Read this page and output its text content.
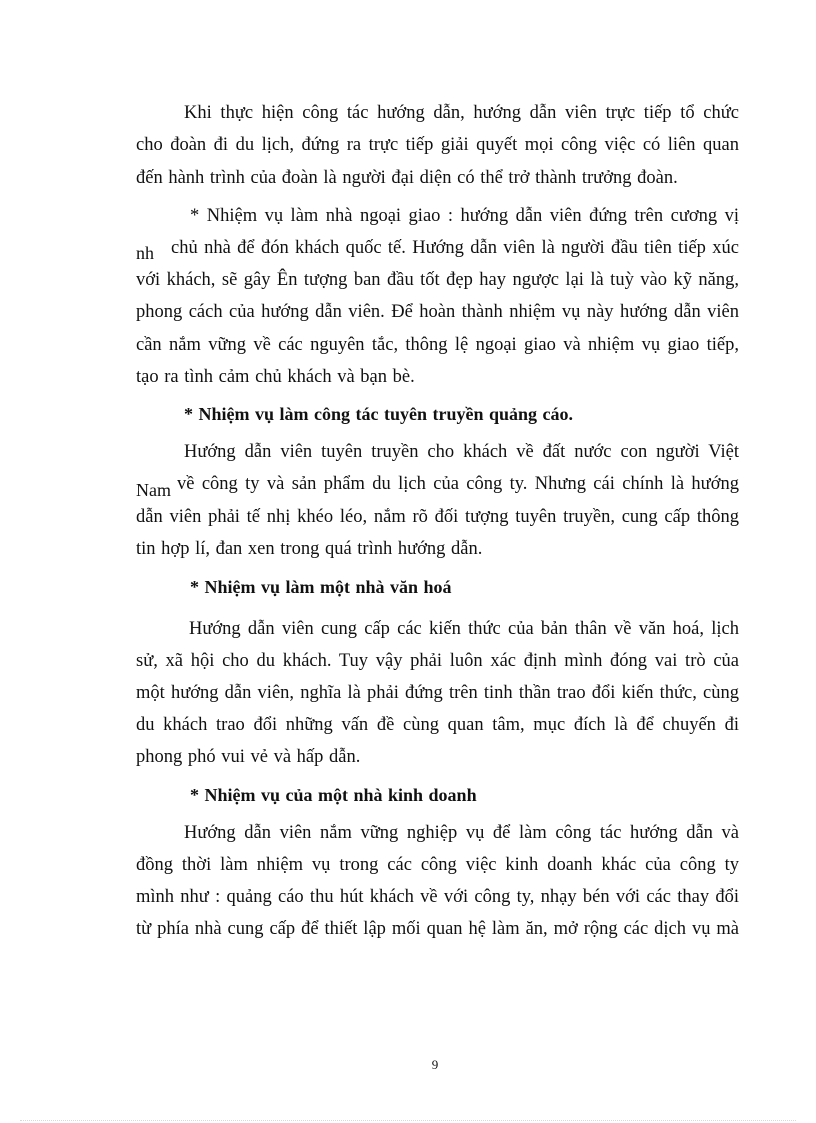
Khi thực hiện công tác hướng dẫn, hướng dẫn viên trực tiếp tổ chức
cho đoàn đi du lịch, đứng ra trực tiếp giải quyết mọi công việc có liên quan
đến hành trình của đoàn là người đại diện có thể trở thành trưởng đoàn.
* Nhiệm vụ làm nhà ngoại giao : hướng dẫn viên đứng trên cương vị
nh chủ nhà để đón khách quốc tế. Hướng dẫn viên là người đầu tiên tiếp xúc
với khách, sẽ gây Ên tượng ban đầu tốt đẹp hay ngược lại là tuỳ vào kỹ năng,
phong cách của hướng dẫn viên. Để hoàn thành nhiệm vụ này hướng dẫn viên
cần nắm vững về các nguyên tắc, thông lệ ngoại giao và nhiệm vụ giao tiếp,
tạo ra tình cảm chủ khách và bạn bè.
* Nhiệm vụ làm công tác tuyên truyền quảng cáo.
Hướng dẫn viên tuyên truyền cho khách về đất nước con người Việt
Nam về công ty và sản phẩm du lịch của công ty. Nhưng cái chính là hướng
dẫn viên phải tế nhị khéo léo, nắm rõ đối tượng tuyên truyền, cung cấp thông
tin hợp lí, đan xen trong quá trình hướng dẫn.
* Nhiệm vụ làm một nhà văn hoá
Hướng dẫn viên cung cấp các kiến thức của bản thân về văn hoá, lịch
sử, xã hội cho du khách. Tuy vậy phải luôn xác định mình đóng vai trò của
một hướng dẫn viên, nghĩa là phải đứng trên tinh thần trao đổi kiến thức, cùng
du khách trao đổi những vấn đề cùng quan tâm, mục đích là để chuyến đi
phong phó vui vẻ và hấp dẫn.
* Nhiệm vụ của một nhà kinh doanh
Hướng dẫn viên nắm vững nghiệp vụ để làm công tác hướng dẫn và
đồng thời làm nhiệm vụ trong các công việc kinh doanh khác của công ty
mình như : quảng cáo thu hút khách về với công ty, nhạy bén với các thay đổi
từ phía nhà cung cấp để thiết lập mối quan hệ làm ăn, mở rộng các dịch vụ mà
9
